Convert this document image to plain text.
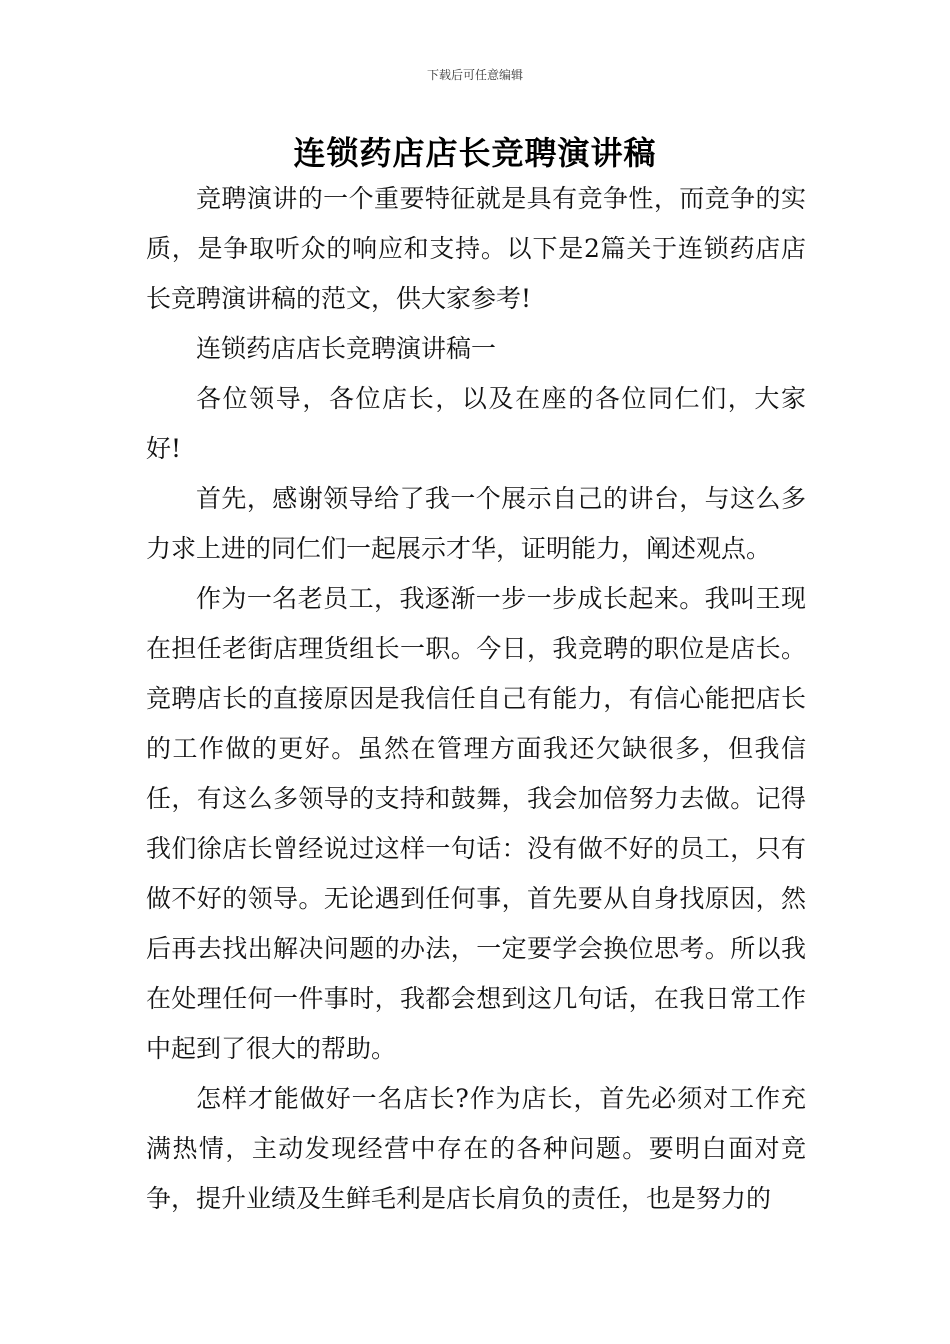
下载后可任意编辑
连锁药店店长竞聘演讲稿

竞聘演讲的一个重要特征就是具有竞争性，而竞争的实质，是争取听众的响应和支持。以下是2篇关于连锁药店店长竞聘演讲稿的范文，供大家参考!

连锁药店店长竞聘演讲稿一

各位领导，各位店长，以及在座的各位同仁们，大家好!

首先，感谢领导给了我一个展示自己的讲台，与这么多力求上进的同仁们一起展示才华，证明能力，阐述观点。

作为一名老员工，我逐渐一步一步成长起来。我叫王现在担任老街店理货组长一职。今日，我竞聘的职位是店长。竞聘店长的直接原因是我信任自己有能力，有信心能把店长的工作做的更好。虽然在管理方面我还欠缺很多，但我信任，有这么多领导的支持和鼓舞，我会加倍努力去做。记得我们徐店长曾经说过这样一句话：没有做不好的员工，只有做不好的领导。无论遇到任何事，首先要从自身找原因，然后再去找出解决问题的办法，一定要学会换位思考。所以我在处理任何一件事时，我都会想到这几句话，在我日常工作中起到了很大的帮助。

怎样才能做好一名店长?作为店长，首先必须对工作充满热情，主动发现经营中存在的各种问题。要明白面对竞争，提升业绩及生鲜毛利是店长肩负的责任，也是努力的
